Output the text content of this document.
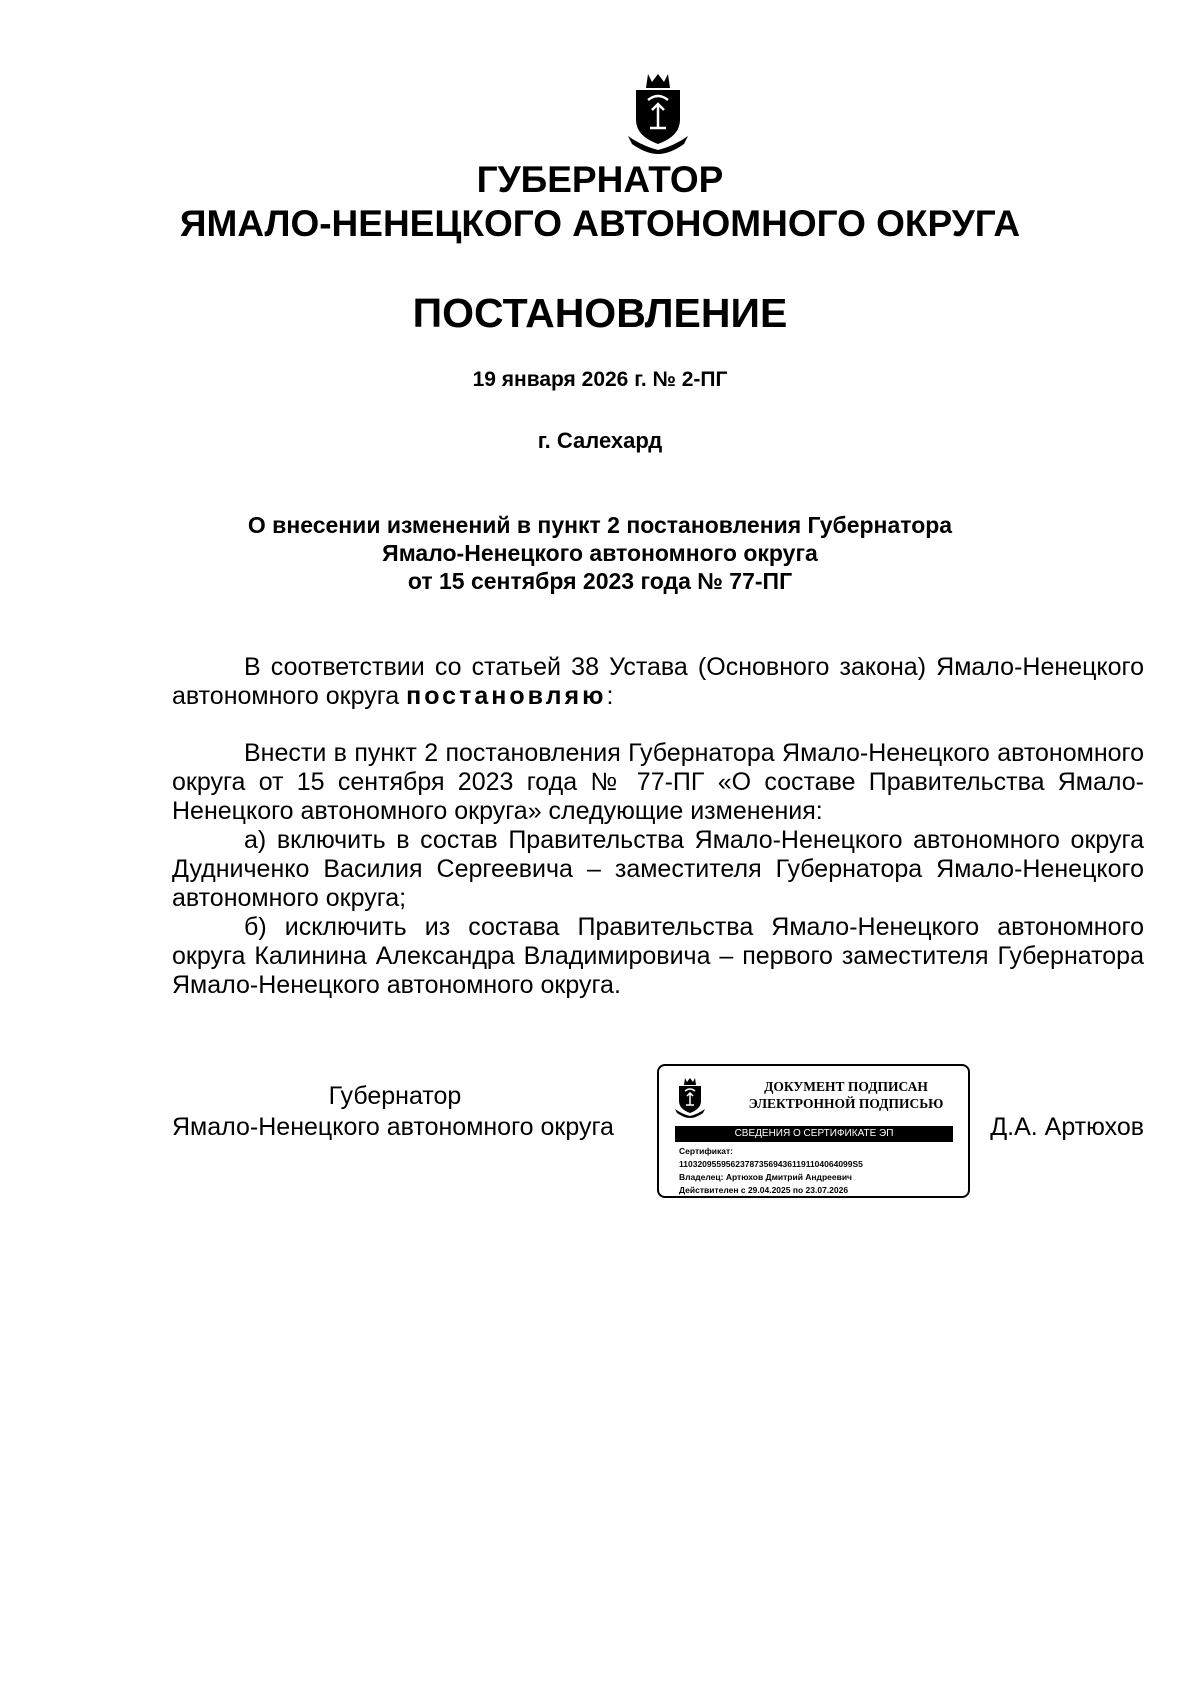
ГУБЕРНАТОР
ЯМАЛО-НЕНЕЦКОГО АВТОНОМНОГО ОКРУГА
ПОСТАНОВЛЕНИЕ
19 января 2026 г. № 2-ПГ
г. Салехард
О внесении изменений в пункт 2 постановления Губернатора
Ямало-Ненецкого автономного округа
от 15 сентября 2023 года № 77-ПГ
В соответствии со статьей 38 Устава (Основного закона) Ямало-Ненецкого автономного округа постановляю:
Внести в пункт 2 постановления Губернатора Ямало-Ненецкого автономного округа от 15 сентября 2023 года № 77-ПГ «О составе Правительства Ямало-Ненецкого автономного округа» следующие изменения:
а) включить в состав Правительства Ямало-Ненецкого автономного округа Дудниченко Василия Сергеевича – заместителя Губернатора Ямало-Ненецкого автономного округа;
б) исключить из состава Правительства Ямало-Ненецкого автономного округа Калинина Александра Владимировича – первого заместителя Губернатора Ямало-Ненецкого автономного округа.
Губернатор
Ямало-Ненецкого автономного округа
ДОКУМЕНТ ПОДПИСАН
ЭЛЕКТРОННОЙ ПОДПИСЬЮ
СВЕДЕНИЯ О СЕРТИФИКАТЕ ЭП
Сертификат:
1103209559562378735694361191104064099S5
Владелец: Артюхов Дмитрий Андреевич
Действителен с 29.04.2025 по 23.07.2026
Д.А. Артюхов
